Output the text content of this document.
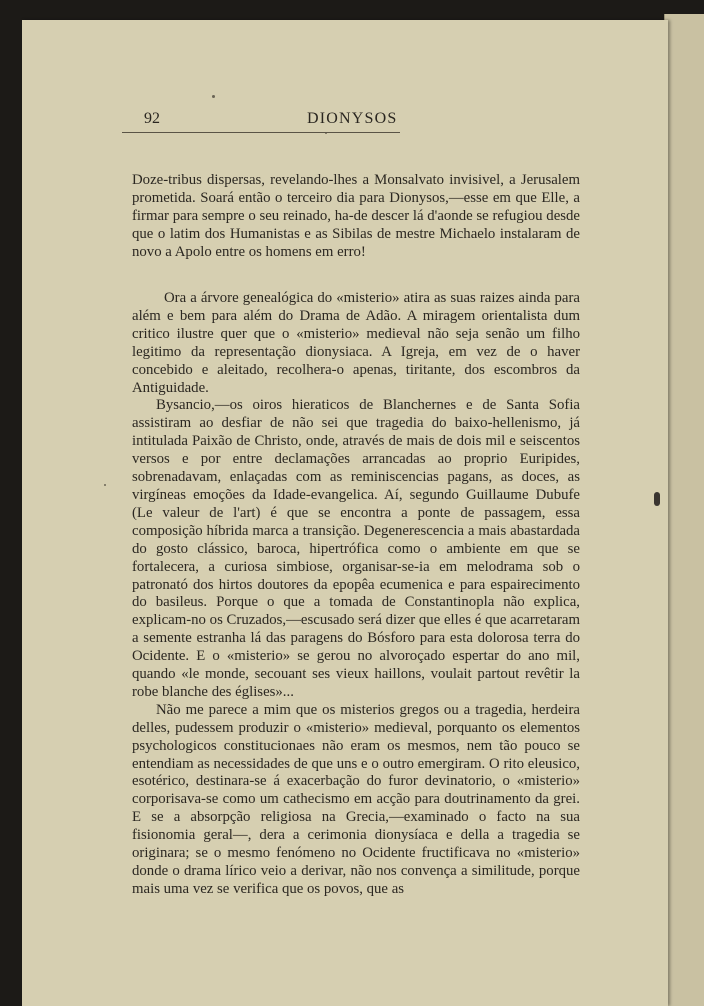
92	DIONYSOS

Doze-tribus dispersas, revelando-lhes a Monsalvato invisivel, a Jerusalem prometida. Soará então o terceiro dia para Dionysos,—esse em que Elle, a firmar para sempre o seu reinado, ha-de descer lá d'aonde se refugiou desde que o latim dos Humanistas e as Sibilas de mestre Michaelo instalaram de novo a Apolo entre os homens em erro!

Ora a árvore genealógica do «misterio» atira as suas raizes ainda para além e bem para além do Drama de Adão. A miragem orientalista dum critico ilustre quer que o «misterio» medieval não seja senão um filho legitimo da representação dionysiaca. A Igreja, em vez de o haver concebido e aleitado, recolhera-o apenas, tiritante, dos escombros da Antiguidade.

Bysancio,—os oiros hieraticos de Blanchernes e de Santa Sofia assistiram ao desfiar de não sei que tragedia do baixo-hellenismo, já intitulada Paixão de Christo, onde, através de mais de dois mil e seiscentos versos e por entre declamações arrancadas ao proprio Euripides, sobrenadavam, enlaçadas com as reminiscencias pagans, as doces, as virgíneas emoções da Idade-evangelica. Aí, segundo Guillaume Dubufe (Le valeur de l'art) é que se encontra a ponte de passagem, essa composição híbrida marca a transição. Degenerescencia a mais abastardada do gosto clássico, baroca, hipertrófica como o ambiente em que se fortalecera, a curiosa simbiose, organisar-se-ia em melodrama sob o patronató dos hirtos doutores da epopêa ecumenica e para espairecimento do basileus. Porque o que a tomada de Constantinopla não explica, explicam-no os Cruzados,—escusado será dizer que elles é que acarretaram a semente estranha lá das paragens do Bósforo para esta dolorosa terra do Ocidente. E o «misterio» se gerou no alvoroçado espertar do ano mil, quando «le monde, secouant ses vieux haillons, voulait partout revêtir la robe blanche des églises»...

Não me parece a mim que os misterios gregos ou a tragedia, herdeira delles, pudessem produzir o «misterio» medieval, porquanto os elementos psychologicos constitucionaes não eram os mesmos, nem tão pouco se entendiam as necessidades de que uns e o outro emergiram. O rito eleusico, esotérico, destinara-se á exacerbação do furor devinatorio, o «misterio» corporisava-se como um cathecismo em acção para doutrinamento da grei. E se a absorpção religiosa na Grecia,—examinado o facto na sua fisionomia geral—, dera a cerimonia dionysíaca e della a tragedia se originara; se o mesmo fenómeno no Ocidente fructificava no «misterio» donde o drama lírico veio a derivar, não nos convença a similitude, porque mais uma vez se verifica que os povos, que as
